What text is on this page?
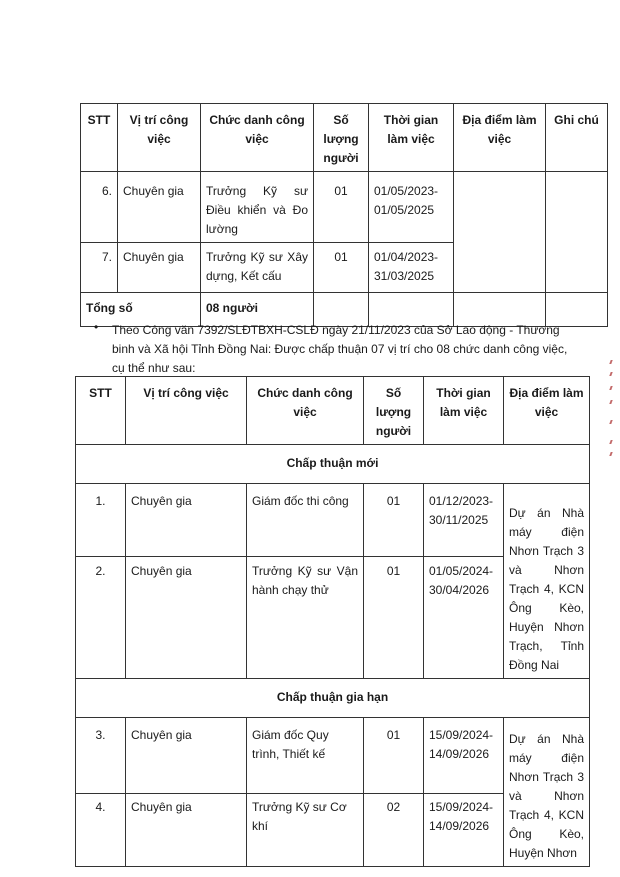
STT	Vị trí công việc	Chức danh công việc	Số lượng người	Thời gian làm việc	Địa điểm làm việc	Ghi chú
6.	Chuyên gia	Trưởng Kỹ sư Điều khiển và Đo lường	01	01/05/2023-01/05/2025		
7.	Chuyên gia	Trưởng Kỹ sư Xây dựng, Kết cấu	01	01/04/2023-31/03/2025		
Tổng số		08 người				
• Theo Công văn 7392/SLĐTBXH-CSLĐ ngày 21/11/2023 của Sở Lao động - Thương binh và Xã hội Tỉnh Đồng Nai: Được chấp thuận 07 vị trí cho 08 chức danh công việc, cụ thể như sau:
STT	Vị trí công việc	Chức danh công việc	Số lượng người	Thời gian làm việc	Địa điểm làm việc
Chấp thuận mới					
1.	Chuyên gia	Giám đốc thi công	01	01/12/2023-30/11/2025	Dự án Nhà máy điện Nhơn Trạch 3 và Nhơn Trạch 4, KCN Ông Kèo, Huyện Nhơn Trạch, Tỉnh Đồng Nai
2.	Chuyên gia	Trưởng Kỹ sư Vận hành chạy thử	01	01/05/2024-30/04/2026	
Chấp thuận gia hạn					
3.	Chuyên gia	Giám đốc Quy trình, Thiết kế	01	15/09/2024-14/09/2026	Dự án Nhà máy điện Nhơn Trạch 3 và Nhơn Trạch 4, KCN Ông Kèo, Huyện Nhơn
4.	Chuyên gia	Trưởng Kỹ sư Cơ khí	02	15/09/2024-14/09/2026	
